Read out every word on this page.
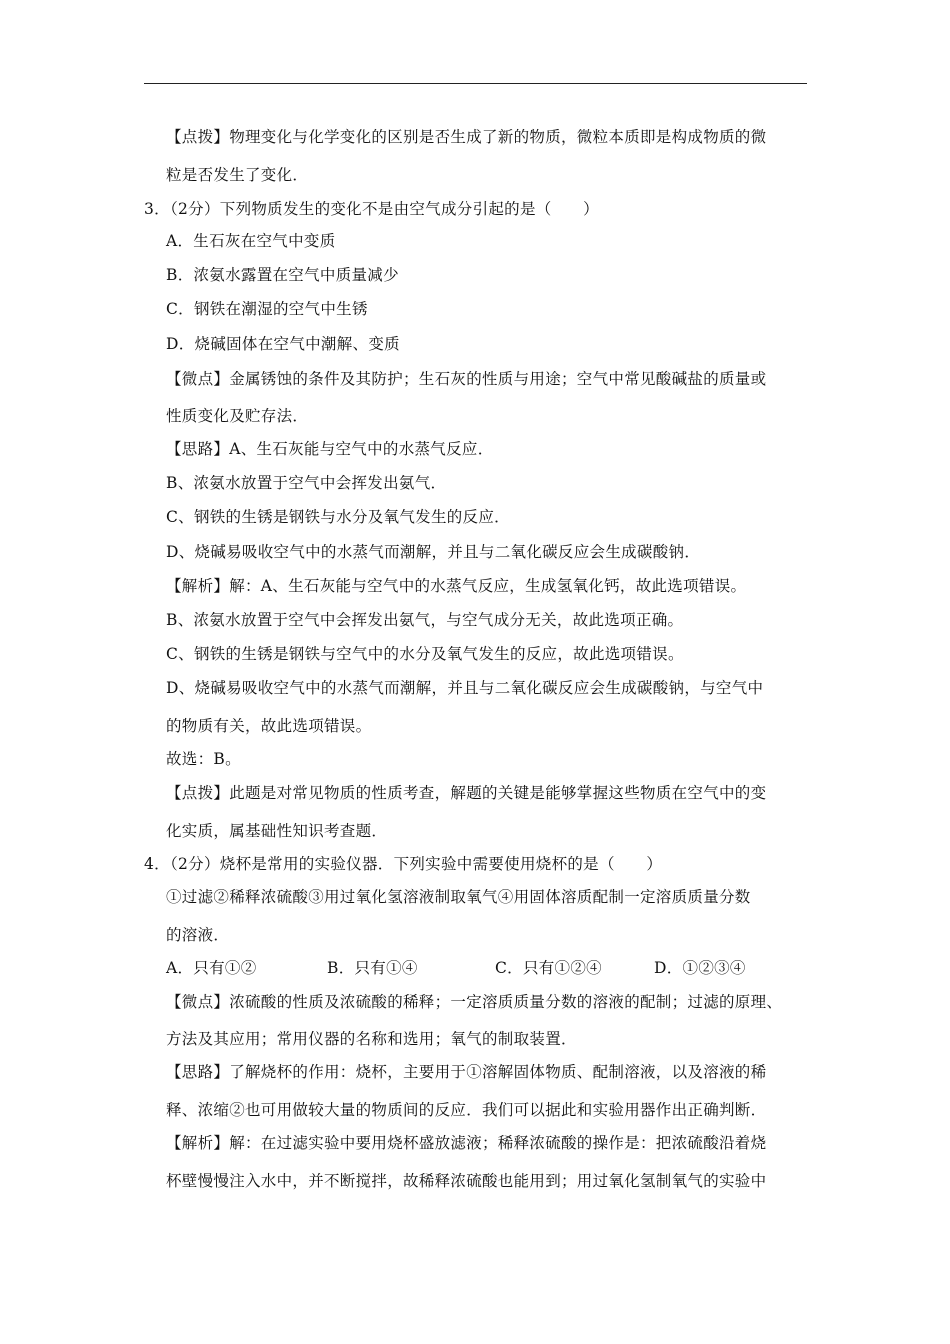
【点拨】物理变化与化学变化的区别是否生成了新的物质，微粒本质即是构成物质的微
粒是否发生了变化．
3．（2分）下列物质发生的变化不是由空气成分引起的是（　　）
A．生石灰在空气中变质
B．浓氨水露置在空气中质量减少
C．钢铁在潮湿的空气中生锈
D．烧碱固体在空气中潮解、变质
【微点】金属锈蚀的条件及其防护；生石灰的性质与用途；空气中常见酸碱盐的质量或
性质变化及贮存法．
【思路】A、生石灰能与空气中的水蒸气反应．
B、浓氨水放置于空气中会挥发出氨气．
C、钢铁的生锈是钢铁与水分及氧气发生的反应．
D、烧碱易吸收空气中的水蒸气而潮解，并且与二氧化碳反应会生成碳酸钠．
【解析】解：A、生石灰能与空气中的水蒸气反应，生成氢氧化钙，故此选项错误。
B、浓氨水放置于空气中会挥发出氨气，与空气成分无关，故此选项正确。
C、钢铁的生锈是钢铁与空气中的水分及氧气发生的反应，故此选项错误。
D、烧碱易吸收空气中的水蒸气而潮解，并且与二氧化碳反应会生成碳酸钠，与空气中
的物质有关，故此选项错误。
故选：B。
【点拨】此题是对常见物质的性质考查，解题的关键是能够掌握这些物质在空气中的变
化实质，属基础性知识考查题．
4．（2分）烧杯是常用的实验仪器．下列实验中需要使用烧杯的是（　　）
①过滤②稀释浓硫酸③用过氧化氢溶液制取氧气④用固体溶质配制一定溶质质量分数
的溶液．
A．只有①②	B．只有①④	C．只有①②④	D．①②③④
【微点】浓硫酸的性质及浓硫酸的稀释；一定溶质质量分数的溶液的配制；过滤的原理、
方法及其应用；常用仪器的名称和选用；氧气的制取装置．
【思路】了解烧杯的作用：烧杯，主要用于①溶解固体物质、配制溶液，以及溶液的稀
释、浓缩②也可用做较大量的物质间的反应．我们可以据此和实验用器作出正确判断．
【解析】解：在过滤实验中要用烧杯盛放滤液；稀释浓硫酸的操作是：把浓硫酸沿着烧
杯壁慢慢注入水中，并不断搅拌，故稀释浓硫酸也能用到；用过氧化氢制氧气的实验中
